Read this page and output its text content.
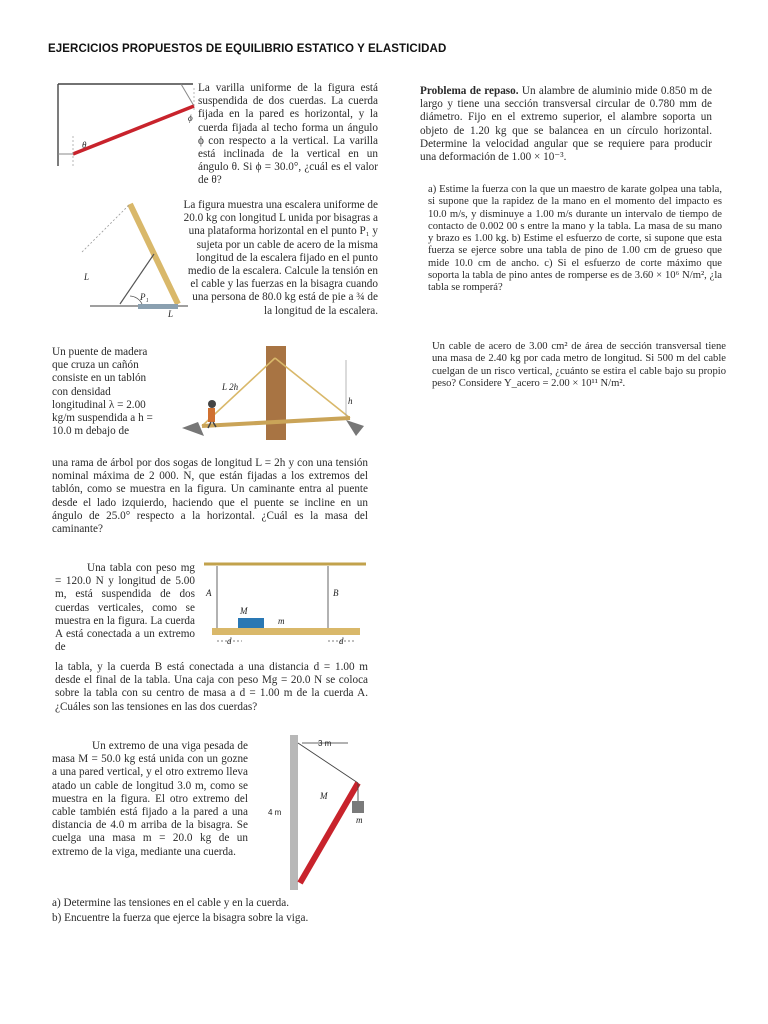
EJERCICIOS PROPUESTOS DE EQUILIBRIO ESTATICO Y ELASTICIDAD
ϕ
θ
La varilla uniforme de la figura está suspendida de dos cuerdas. La cuerda fijada en la pared es horizontal, y la cuerda fijada al techo forma un ángulo ϕ con respecto a la vertical. La varilla está inclinada de la vertical en un ángulo θ. Si ϕ = 30.0°, ¿cuál es el valor de θ?
La figura muestra una escalera uniforme de 20.0 kg con longitud L unida por bisagras a una plataforma horizontal en el punto P₁ y sujeta por un cable de acero de la misma longitud de la escalera fijado en el punto medio de la escalera. Calcule la tensión en el cable y las fuerzas en la bisagra cuando una persona de 80.0 kg está de pie a ¾ de la longitud de la escalera.
L
P₁
L
Un puente de madera que cruza un cañón consiste en un tablón con densidad longitudinal λ = 2.00 kg/m suspendida a h = 10.0 m debajo de
L 2h
h
una rama de árbol por dos sogas de longitud L = 2h y con una tensión nominal máxima de 2 000. N, que están fijadas a los extremos del tablón, como se muestra en la figura. Un caminante entra al puente desde el lado izquierdo, haciendo que el puente se incline en un ángulo de 25.0° respecto a la horizontal. ¿Cuál es la masa del caminante?
Una tabla con peso mg = 120.0 N y longitud de 5.00 m, está suspendida de dos cuerdas verticales, como se muestra en la figura. La cuerda A está conectada a un extremo de
A	B
M
m
d	d
la tabla, y la cuerda B está conectada a una distancia d = 1.00 m desde el final de la tabla. Una caja con peso Mg = 20.0 N se coloca sobre la tabla con su centro de masa a d = 1.00 m de la cuerda A. ¿Cuáles son las tensiones en las dos cuerdas?
Un extremo de una viga pesada de masa M = 50.0 kg está unida con un gozne a una pared vertical, y el otro extremo lleva atado un cable de longitud 3.0 m, como se muestra en la figura. El otro extremo del cable también está fijado a la pared a una distancia de 4.0 m arriba de la bisagra. Se cuelga una masa m = 20.0 kg de un extremo de la viga, mediante una cuerda.
3 m
4 m
M
m
a) Determine las tensiones en el cable y en la cuerda.
b) Encuentre la fuerza que ejerce la bisagra sobre la viga.
Problema de repaso. Un alambre de aluminio mide 0.850 m de largo y tiene una sección transversal circular de 0.780 mm de diámetro. Fijo en el extremo superior, el alambre soporta un objeto de 1.20 kg que se balancea en un círculo horizontal. Determine la velocidad angular que se requiere para producir una deformación de 1.00 × 10⁻³.
a) Estime la fuerza con la que un maestro de karate golpea una tabla, si supone que la rapidez de la mano en el momento del impacto es 10.0 m/s, y disminuye a 1.00 m/s durante un intervalo de tiempo de contacto de 0.002 00 s entre la mano y la tabla. La masa de su mano y brazo es 1.00 kg. b) Estime el esfuerzo de corte, si supone que esta fuerza se ejerce sobre una tabla de pino de 1.00 cm de grueso que mide 10.0 cm de ancho. c) Si el esfuerzo de corte máximo que soporta la tabla de pino antes de romperse es de 3.60 × 10⁶ N/m², ¿la tabla se romperá?
Un cable de acero de 3.00 cm² de área de sección transversal tiene una masa de 2.40 kg por cada metro de longitud. Si 500 m del cable cuelgan de un risco vertical, ¿cuánto se estira el cable bajo su propio peso? Considere Y_acero = 2.00 × 10¹¹ N/m².
